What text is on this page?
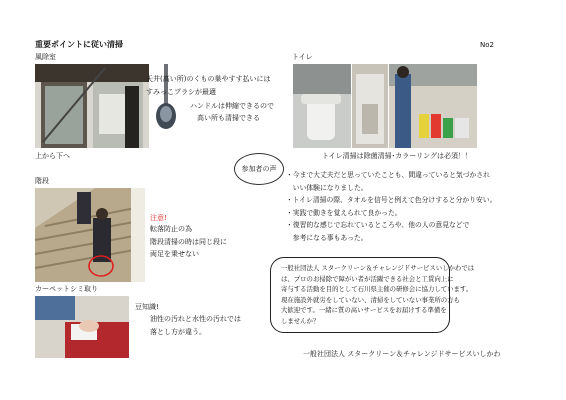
重要ポイントに従い清掃	No2
風除室
天井(高い所)のくもの巣やすす払いには
すみっこブラシが最適
ハンドルは伸縮できるので
高い所も清掃できる
上から下へ
トイレ
トイレ清掃は除菌清掃･カラーリングは必須！！
参加者の声
・今まで大丈夫だと思っていたことも、間違っていると気づかされ
　いい体験になりました。
・トイレ清掃の際、タオルを信号と例えて色分けすると分かり安い。
・実践で動きを覚えられて良かった。
・復習的な感じで忘れているところや、他の人の意見などで
　参考になる事もあった。
階段
注意!
転落防止の為
階段清掃の時は同じ段に
両足を乗せない
カーペットシミ取り
豆知識!
油性の汚れと水性の汚れでは
落とし方が違う。
一般社団法人 スタークリーン＆チャレンジドサービスいしかわでは
は、プロのお掃除で障がい者が活躍できる社会と工賃向上に
寄与する活動を目的として石川県主催の研修会に協力しています。
現在施設外就労をしていない、清掃をしていない事業所の方も
大歓迎です。一緒に質の高いサービスをお届けする準備を
しませんか？
一般社団法人 スタークリーン＆チャレンジドサービスいしかわ
